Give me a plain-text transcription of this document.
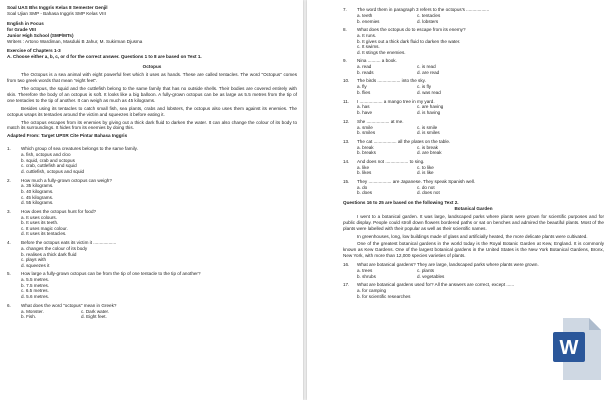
Soal UAS Bhs Inggris Kelas 8 Semester Genjil
Soal Ujian SMP - Bahasa Inggris SMP Kelas VIII
English in Focus
for Grade VIII
Junior High School (SMP/MTs)
Writers : Artono Wardiman, Masduki B Jahur, M. Sukirman Djusma
Exercise of Chapters 1-3
A. Choose either a, b, c, or d for the correct answer. Questions 1 to 8 are based on Text 1.
Octopus
The Octopus is a sea animal with eight powerful feet which it uses as hands. These are called tentacles. The word "Octopus" comes from two greek words that mean "eight feet".
The octopus, the squid and the cuttlefish belong to the same family that has no outside shells. Their bodies are covered entirely with skin. Therefore the body of an octopus is soft. It looks like a big balloon. A fully-grown octopus can be as large as 5.5 metres from the tip of one tentacles to the tip of another. It can weigh as much as 45 kilograms.
Besides using its tentacles to catch small fish, sea plants, crabs and lobsters, the octopus also uses them against its enemies. The octopus wraps its tentacles around the victim and squeezes it before eating it.
The octopus escapes from its enemies by giving out a thick dark fluid to darken the water. It can also change the colour of its body to match its surroundings. It hides from its enemies by doing this.
Adapted From: Target UPSR Cite Pintar Bahasa Inggris
1.	Which group of sea creatures belongs to the same family.
a. fish, octopus and cloo
b. squid, crab and octopus
c. crab, cuttlefish and squid
d. cuttlefish, octopus and squid
2.	How much a fully-grown octopus can weigh?
a. 35 kilograms.
b. 40 kilograms.
c. 45 kilograms.
d. 55 kilograms.
3.	How does the octopus hunt for food?
a. It uses colours.
b. It uses its teeth.
c. It uses magic colour.
d. It uses its tentacles.
4.	Before the octopus eats its victim it ..................
a. changes the colour of its body
b. realises a thick dark fluid
c. plays with
d. squeezes it
5.	How large a fully-grown octopus can be from the tip of one tentacle to the tip of another?
a. 5.5 metres.
b. 7.5 metres.
c. 6.5 metres.
d. 5.6 metres.
6.	What does the word "octopus" mean in Greek?
a. Monster.	c. Dark water.
b. Fish.	d. Eight feet.
7.	The word them in paragraph 3 refers to the octopus's ..................
a. teeth	c. tentacles
b. enemies	d. lobsters
8.	What does the octopus do to escape from its enemy?
a. It runs.
b. It gives out a thick dark fluid to darken the water.
c. It swims.
d. It stings the enemies.
9.	Nina .......... a book.
a. read	c. is read
b. reads	d. are read
10.	The birds .................. into the sky.
a. fly	c. is fly
b. flies	d. was read
11.	I .................. a mango tree in my yard.
a. has	c. are having
b. have	d. is having
12.	She .................. at me.
a. smile	c. is smile
b. smiles	d. is smiles
13.	The cat .................. all the plates on the table.
a. break	c. is break
b. breaks	d. are break
14.	And does not .................. to sing.
a. like	c. to like
b. likes	d. is like
15.	They .................. are Japanese. They speak Spanish well.
a. do	c. do not
b. does	d. does not
Questions 16 to 25 are based on the following Text 2.
Botanical Garden
I went to a botanical garden. It was large, landscaped parks where plants were grown for scientific purposes and for public display. People could stroll down flowers bordered paths or sat on benches and admired the beautiful plants. Most of the plants were labelled with their popular as well as their scientific names.
In greenhouses, long, low buildings made of glass and artificially heated, the more delicate plants were cultivated.
One of the greatest botanical gardens in the world today is the Royal Botanic Garden at Kew, England. It is commonly known as Kew Gardens. One of the largest botanical gardens in the United States is the New York Botanical Gardens, Bronx, New York, with more than 12,000 species varieties of plants.
16.	What are botanical gardens? They are large, landscaped parks where plants were grown.
a. trees	c. plants
b. shrubs	d. vegetables
17.	What are botanical gardens used for? All the answers are correct, except ......
a. for camping
b. for scientific researches
W
